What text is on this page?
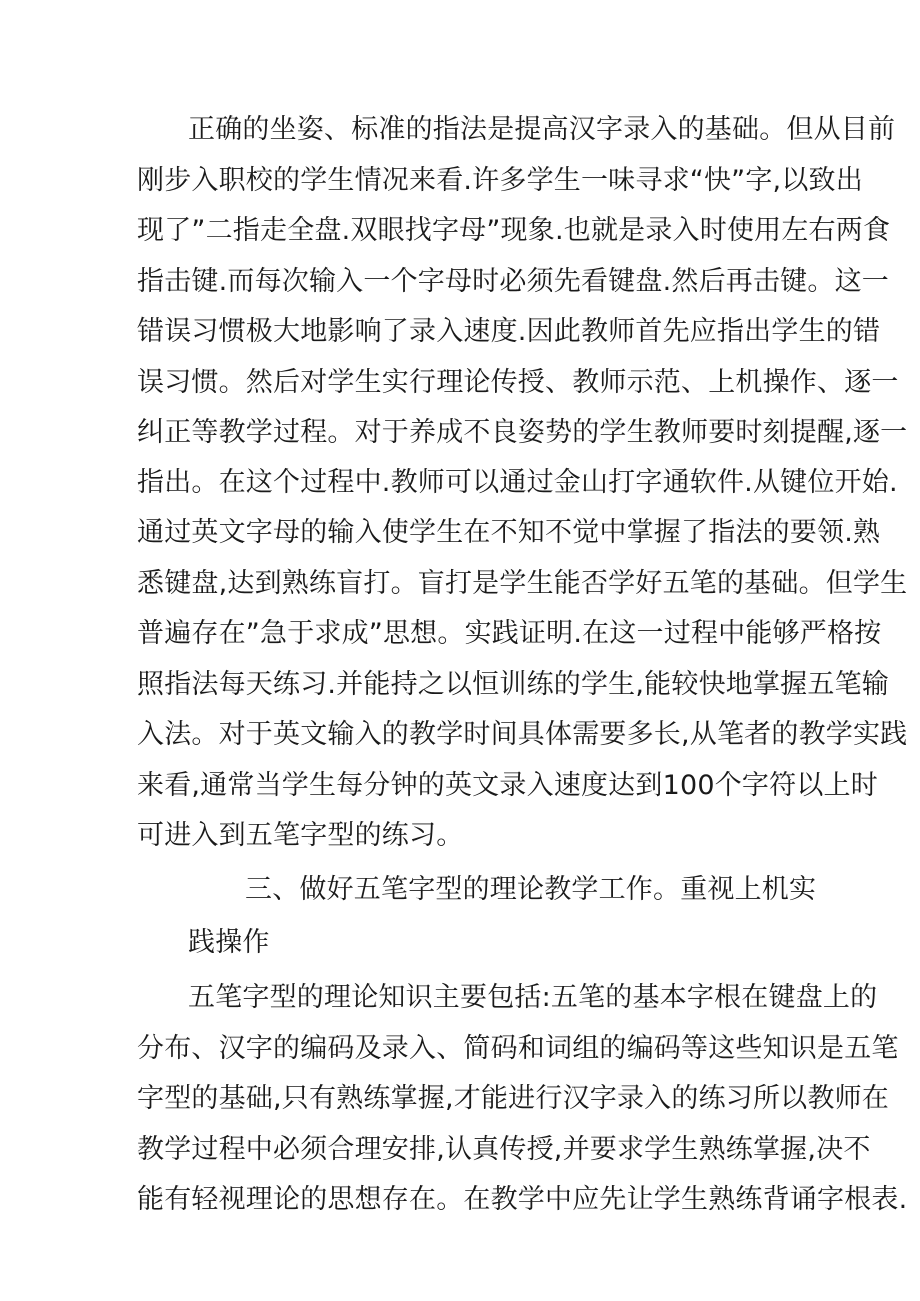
正确的坐姿、标准的指法是提高汉字录入的基础。但从目前
刚步入职校的学生情况来看.许多学生一味寻求“快”字,以致出
现了”二指走全盘.双眼找字母”现象.也就是录入时使用左右两食
指击键.而每次输入一个字母时必须先看键盘.然后再击键。这一
错误习惯极大地影响了录入速度.因此教师首先应指出学生的错
误习惯。然后对学生实行理论传授、教师示范、上机操作、逐一
纠正等教学过程。对于养成不良姿势的学生教师要时刻提醒,逐一
指出。在这个过程中.教师可以通过金山打字通软件.从键位开始.
通过英文字母的输入使学生在不知不觉中掌握了指法的要领.熟
悉键盘,达到熟练盲打。盲打是学生能否学好五笔的基础。但学生
普遍存在”急于求成”思想。实践证明.在这一过程中能够严格按
照指法每天练习.并能持之以恒训练的学生,能较快地掌握五笔输
入法。对于英文输入的教学时间具体需要多长,从笔者的教学实践
来看,通常当学生每分钟的英文录入速度达到100个字符以上时
可进入到五笔字型的练习。
三、做好五笔字型的理论教学工作。重视上机实
践操作
五笔字型的理论知识主要包括:五笔的基本字根在键盘上的
分布、汉字的编码及录入、简码和词组的编码等这些知识是五笔
字型的基础,只有熟练掌握,才能进行汉字录入的练习所以教师在
教学过程中必须合理安排,认真传授,并要求学生熟练掌握,决不
能有轻视理论的思想存在。在教学中应先让学生熟练背诵字根表.
